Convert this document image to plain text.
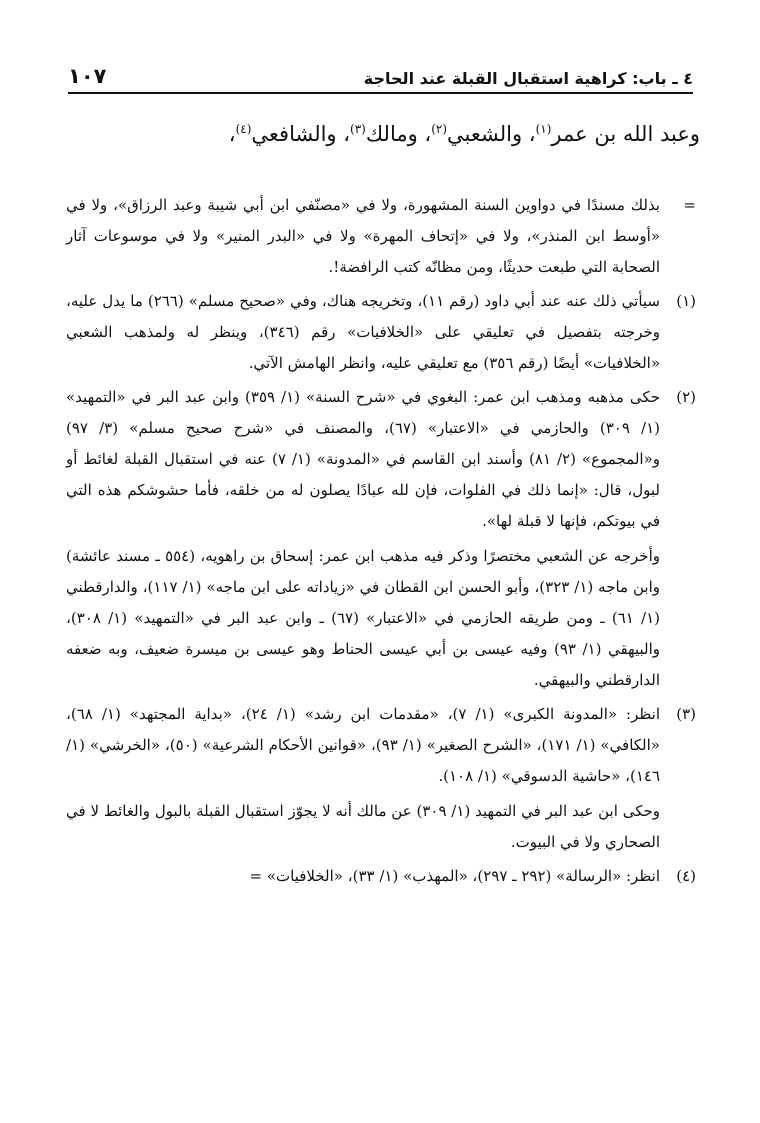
٤ ـ باب: كراهية استقبال القبلة عند الحاجة
١٠٧
وعبد الله بن عمر$^{(١)}$، والشعبي$^{(٢)}$، ومالك$^{(٣)}$، والشافعي$^{(٤)}$،
=

بذلك مسندًا في دواوين السنة المشهورة، ولا في «مصنّفي ابن أبي شيبة وعبد الرزاق»، ولا في «أوسط ابن المنذر»، ولا في «إتحاف المهرة» ولا في «البدر المنير» ولا في موسوعات آثار الصحابة التي طبعت حديثًا، ومن مظانّه كتب الرافضة!.

(١)

سيأتي ذلك عنه عند أبي داود (رقم ١١)، وتخريجه هناك، وفي «صحيح مسلم» (٢٦٦) ما يدل عليه، وخرجته بتفصيل في تعليقي على «الخلافيات» رقم (٣٤٦)، وينظر له ولمذهب الشعبي «الخلافيات» أيضًا (رقم ٣٥٦) مع تعليقي عليه، وانظر الهامش الآتي.

(٢)

حكى مذهبه ومذهب ابن عمر: البغوي في «شرح السنة» (١/ ٣٥٩) وابن عبد البر في «التمهيد» (١/ ٣٠٩) والحازمي في «الاعتبار» (٦٧)، والمصنف في «شرح صحيح مسلم» (٣/ ٩٧) و«المجموع» (٢/ ٨١) وأسند ابن القاسم في «المدونة» (١/ ٧) عنه في استقبال القبلة لغائط أو لبول، قال: «إنما ذلك في الفلوات، فإن لله عبادًا يصلون له من خلقه، فأما حشوشكم هذه التي في بيوتكم، فإنها لا قبلة لها».

وأخرجه عن الشعبي مختصرًا وذكر فيه مذهب ابن عمر: إسحاق بن راهويه، (٥٥٤ ـ مسند عائشة) وابن ماجه (١/ ٣٢٣)، وأبو الحسن ابن القطان في «زياداته على ابن ماجه» (١/ ١١٧)، والدارقطني (١/ ٦١) ـ ومن طريقه الحازمي في «الاعتبار» (٦٧) ـ وابن عبد البر في «التمهيد» (١/ ٣٠٨)، والبيهقي (١/ ٩٣) وفيه عيسى بن أبي عيسى الحناط وهو عيسى بن ميسرة ضعيف، وبه ضعفه الدارقطني والبيهقي.

(٣)

انظر: «المدونة الكبرى» (١/ ٧)، «مقدمات ابن رشد» (١/ ٢٤)، «بداية المجتهد» (١/ ٦٨)، «الكافي» (١/ ١٧١)، «الشرح الصغير» (١/ ٩٣)، «قوانين الأحكام الشرعية» (٥٠)، «الخرشي» (١/ ١٤٦)، «حاشية الدسوقي» (١/ ١٠٨).

وحكى ابن عبد البر في التمهيد (١/ ٣٠٩) عن مالك أنه لا يجوّز استقبال القبلة بالبول والغائط لا في الصحاري ولا في البيوت.

(٤)

انظر: «الرسالة» (٢٩٢ ـ ٢٩٧)، «المهذب» (١/ ٣٣)، «الخلافيات» =
